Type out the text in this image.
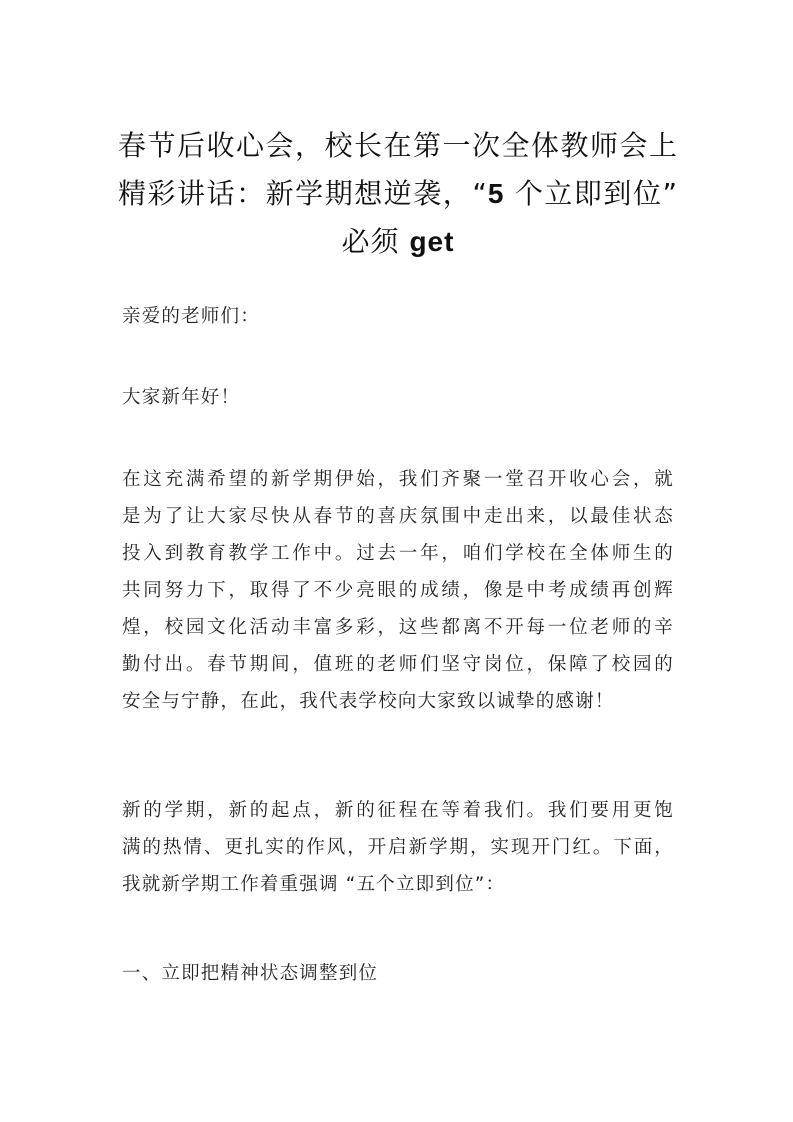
春节后收心会，校长在第一次全体教师会上
精彩讲话：新学期想逆袭，“5 个立即到位”
必须 get
亲爱的老师们：
大家新年好！
在这充满希望的新学期伊始，我们齐聚一堂召开收心会，就
是为了让大家尽快从春节的喜庆氛围中走出来，以最佳状态
投入到教育教学工作中。过去一年，咱们学校在全体师生的
共同努力下，取得了不少亮眼的成绩，像是中考成绩再创辉
煌，校园文化活动丰富多彩，这些都离不开每一位老师的辛
勤付出。春节期间，值班的老师们坚守岗位，保障了校园的
安全与宁静，在此，我代表学校向大家致以诚挚的感谢！
新的学期，新的起点，新的征程在等着我们。我们要用更饱
满的热情、更扎实的作风，开启新学期，实现开门红。下面，
我就新学期工作着重强调 “五个立即到位”：
一、立即把精神状态调整到位
